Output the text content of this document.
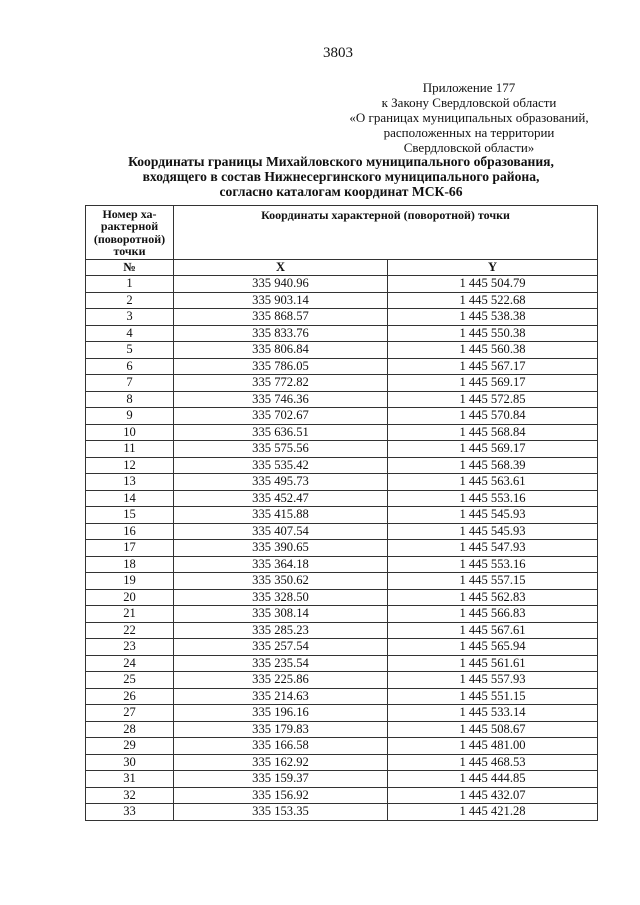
3803
Приложение 177
к Закону Свердловской области
«О границах муниципальных образований,
расположенных на территории
Свердловской области»
Координаты границы Михайловского муниципального образования,
входящего в состав Нижнесергинского муниципального района,
согласно каталогам координат МСК-66
Номер ха-
рактерной
(поворотной)
точки	Координаты характерной (поворотной) точки	
№	X	Y
1	335 940.96	1 445 504.79
2	335 903.14	1 445 522.68
3	335 868.57	1 445 538.38
4	335 833.76	1 445 550.38
5	335 806.84	1 445 560.38
6	335 786.05	1 445 567.17
7	335 772.82	1 445 569.17
8	335 746.36	1 445 572.85
9	335 702.67	1 445 570.84
10	335 636.51	1 445 568.84
11	335 575.56	1 445 569.17
12	335 535.42	1 445 568.39
13	335 495.73	1 445 563.61
14	335 452.47	1 445 553.16
15	335 415.88	1 445 545.93
16	335 407.54	1 445 545.93
17	335 390.65	1 445 547.93
18	335 364.18	1 445 553.16
19	335 350.62	1 445 557.15
20	335 328.50	1 445 562.83
21	335 308.14	1 445 566.83
22	335 285.23	1 445 567.61
23	335 257.54	1 445 565.94
24	335 235.54	1 445 561.61
25	335 225.86	1 445 557.93
26	335 214.63	1 445 551.15
27	335 196.16	1 445 533.14
28	335 179.83	1 445 508.67
29	335 166.58	1 445 481.00
30	335 162.92	1 445 468.53
31	335 159.37	1 445 444.85
32	335 156.92	1 445 432.07
33	335 153.35	1 445 421.28
